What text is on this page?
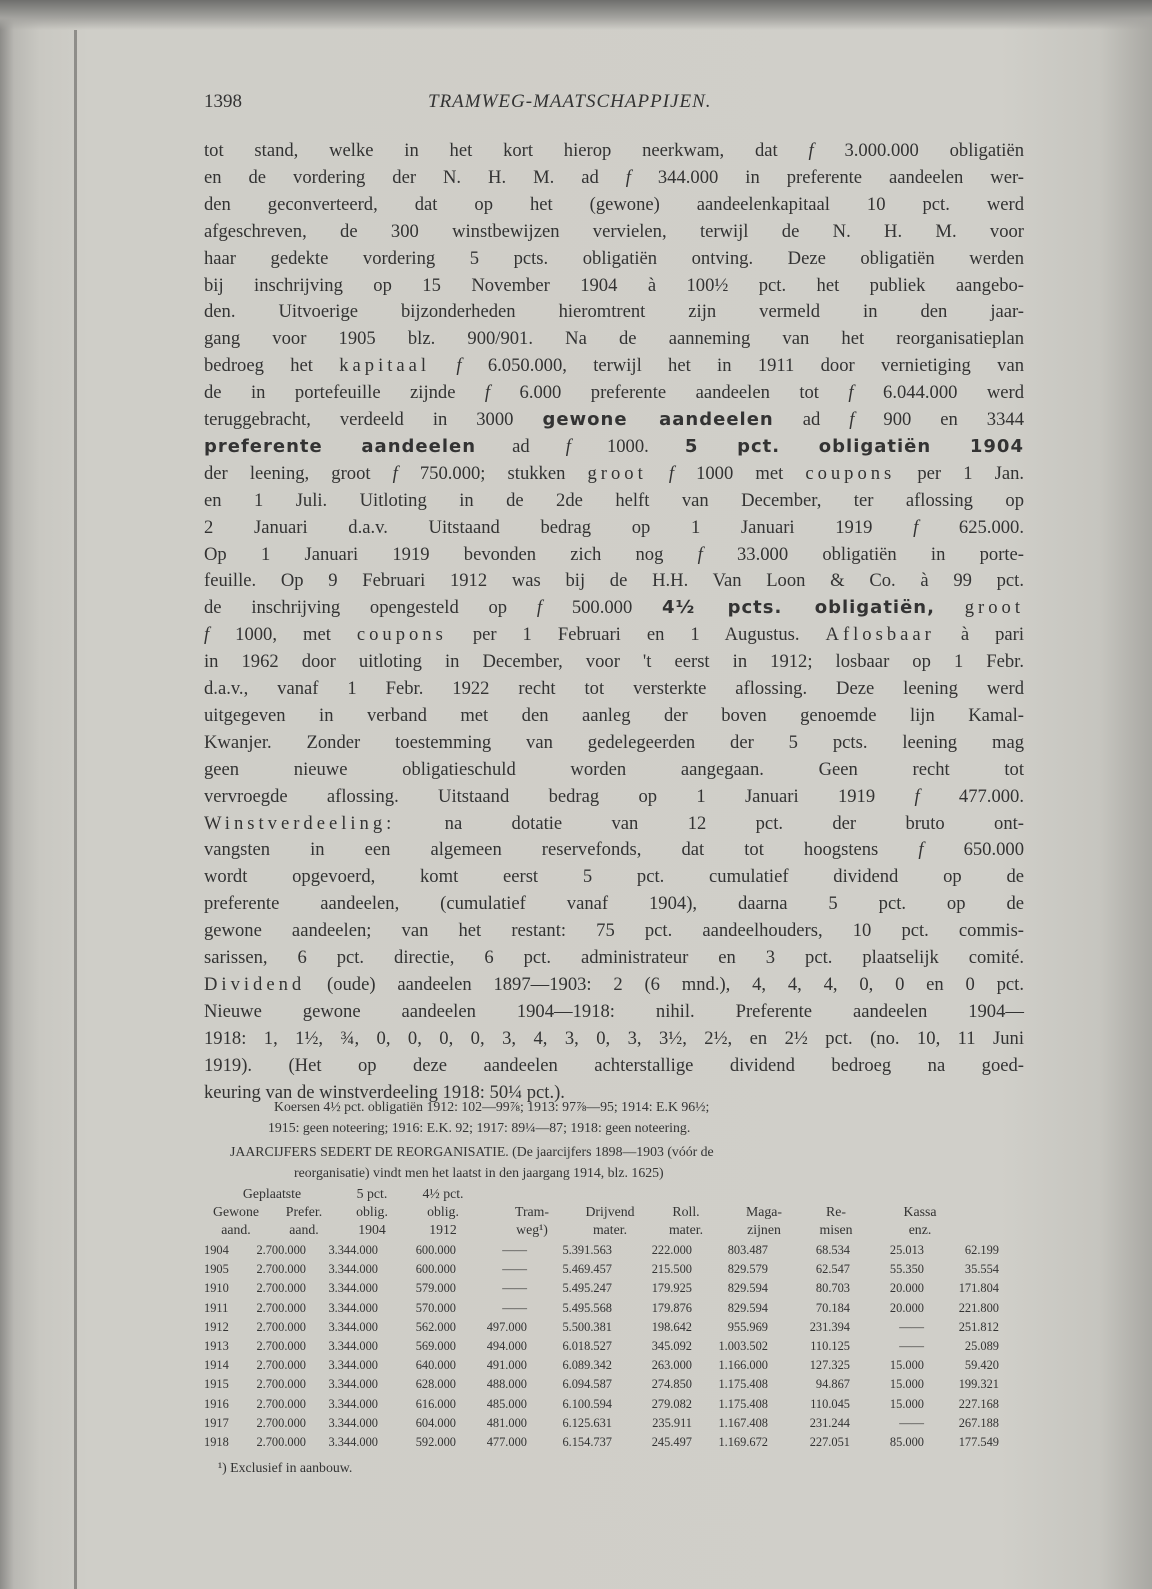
1398	TRAMWEG-MAATSCHAPPIJEN.
tot stand, welke in het kort hierop neerkwam, dat f 3.000.000 obligatiën
en de vordering der N. H. M. ad f 344.000 in preferente aandeelen wer-
den geconverteerd, dat op het (gewone) aandeelenkapitaal 10 pct. werd
afgeschreven, de 300 winstbewijzen vervielen, terwijl de N. H. M. voor
haar gedekte vordering 5 pcts. obligatiën ontving. Deze obligatiën werden
bij inschrijving op 15 November 1904 à 100½ pct. het publiek aangebo-
den. Uitvoerige bijzonderheden hieromtrent zijn vermeld in den jaar-
gang voor 1905 blz. 900/901. Na de aanneming van het reorganisatieplan
bedroeg het kapitaal f 6.050.000, terwijl het in 1911 door vernietiging van
de in portefeuille zijnde f 6.000 preferente aandeelen tot f 6.044.000 werd
teruggebracht, verdeeld in 3000 gewone aandeelen ad f 900 en 3344
preferente aandeelen ad f 1000. 5 pct. obligatiën 1904
der leening, groot f 750.000; stukken groot f 1000 met coupons per 1 Jan.
en 1 Juli. Uitloting in de 2de helft van December, ter aflossing op
2 Januari d.a.v. Uitstaand bedrag op 1 Januari 1919 f 625.000.
Op 1 Januari 1919 bevonden zich nog f 33.000 obligatiën in porte-
feuille. Op 9 Februari 1912 was bij de H.H. Van Loon & Co. à 99 pct.
de inschrijving opengesteld op f 500.000 4½ pcts. obligatiën, groot
f 1000, met coupons per 1 Februari en 1 Augustus. Aflosbaar à pari
in 1962 door uitloting in December, voor 't eerst in 1912; losbaar op 1 Febr.
d.a.v., vanaf 1 Febr. 1922 recht tot versterkte aflossing. Deze leening werd
uitgegeven in verband met den aanleg der boven genoemde lijn Kamal-
Kwanjer. Zonder toestemming van gedelegeerden der 5 pcts. leening mag
geen nieuwe obligatieschuld worden aangegaan. Geen recht tot
vervroegde aflossing. Uitstaand bedrag op 1 Januari 1919 f 477.000.
Winstverdeeling: na dotatie van 12 pct. der bruto ont-
vangsten in een algemeen reservefonds, dat tot hoogstens f 650.000
wordt opgevoerd, komt eerst 5 pct. cumulatief dividend op de
preferente aandeelen, (cumulatief vanaf 1904), daarna 5 pct. op de
gewone aandeelen; van het restant: 75 pct. aandeelhouders, 10 pct. commis-
sarissen, 6 pct. directie, 6 pct. administrateur en 3 pct. plaatselijk comité.
Dividend (oude) aandeelen 1897—1903: 2 (6 mnd.), 4, 4, 4, 0, 0 en 0 pct.
Nieuwe gewone aandeelen 1904—1918: nihil. Preferente aandeelen 1904—
1918: 1, 1½, ¾, 0, 0, 0, 0, 3, 4, 3, 0, 3, 3½, 2½, en 2½ pct. (no. 10, 11 Juni
1919). (Het op deze aandeelen achterstallige dividend bedroeg na goed-
keuring van de winstverdeeling 1918: 50¼ pct.).
Koersen 4½ pct. obligatiën 1912: 102—99⅞; 1913: 97⅞—95; 1914: E.K 96½;
1915: geen noteering; 1916: E.K. 92; 1917: 89¼—87; 1918: geen noteering.
JAARCIJFERS SEDERT DE REORGANISATIE. (De jaarcijfers 1898—1903 (vóór de
reorganisatie) vindt men het laatst in den jaargang 1914, blz. 1625)
Geplaatste	5 pct.	4½ pct.
Gewone	Prefer.	oblig.	oblig.	Tram-	Drijvend	Roll.	Maga-	Re-	Kassa
aand.	aand.	1904	1912	weg¹)	mater.	mater.	zijnen	misen	enz.
1904	2.700.000	3.344.000	600.000	——	5.391.563	222.000	803.487	68.534	25.013	62.199
1905	2.700.000	3.344.000	600.000	——	5.469.457	215.500	829.579	62.547	55.350	35.554
1910	2.700.000	3.344.000	579.000	——	5.495.247	179.925	829.594	80.703	20.000	171.804
1911	2.700.000	3.344.000	570.000	——	5.495.568	179.876	829.594	70.184	20.000	221.800
1912	2.700.000	3.344.000	562.000	497.000	5.500.381	198.642	955.969	231.394	——	251.812
1913	2.700.000	3.344.000	569.000	494.000	6.018.527	345.092	1.003.502	110.125	——	25.089
1914	2.700.000	3.344.000	640.000	491.000	6.089.342	263.000	1.166.000	127.325	15.000	59.420
1915	2.700.000	3.344.000	628.000	488.000	6.094.587	274.850	1.175.408	94.867	15.000	199.321
1916	2.700.000	3.344.000	616.000	485.000	6.100.594	279.082	1.175.408	110.045	15.000	227.168
1917	2.700.000	3.344.000	604.000	481.000	6.125.631	235.911	1.167.408	231.244	——	267.188
1918	2.700.000	3.344.000	592.000	477.000	6.154.737	245.497	1.169.672	227.051	85.000	177.549
¹) Exclusief in aanbouw.
